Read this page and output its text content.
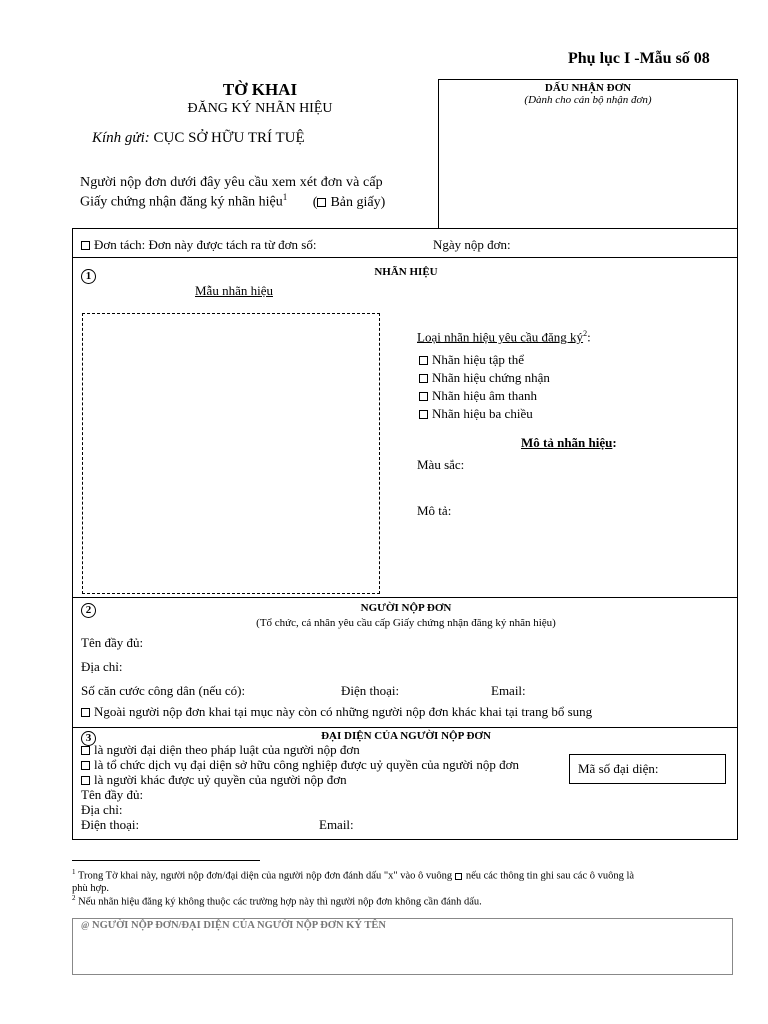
Phụ lục I -Mẫu số 08
TỜ KHAI
ĐĂNG KÝ NHÃN HIỆU
Kính gửi: CỤC SỞ HỮU TRÍ TUỆ
Người nộp đơn dưới đây yêu cầu xem xét đơn và cấp
Giấy chứng nhận đăng ký nhãn hiệu$^1$ ( Bản giấy)
DẤU NHẬN ĐƠN
(Dành cho cán bộ nhận đơn)
Đơn tách: Đơn này được tách ra từ đơn số:	Ngày nộp đơn:
1	NHÃN HIỆU
Mẫu nhãn hiệu
Loại nhãn hiệu yêu cầu đăng $ký^2$:
Nhãn hiệu tập thể
Nhãn hiệu chứng nhận
Nhãn hiệu âm thanh
Nhãn hiệu ba chiều
Mô tả nhãn hiệu:
Màu sắc:
Mô tả:
2	NGƯỜI NỘP ĐƠN
(Tổ chức, cá nhân yêu cầu cấp Giấy chứng nhận đăng ký nhãn hiệu)
Tên đầy đủ:
Địa chỉ:
Số căn cước công dân (nếu có):	Điện thoại:	Email:
Ngoài người nộp đơn khai tại mục này còn có những người nộp đơn khác khai tại trang bổ sung
3	ĐẠI DIỆN CỦA NGƯỜI NỘP ĐƠN
là người đại diện theo pháp luật của người nộp đơn
là tổ chức dịch vụ đại diện sở hữu công nghiệp được uỷ quyền của người nộp đơn
là người khác được uỷ quyền của người nộp đơn
Mã số đại diện:
Tên đầy đủ:
Địa chỉ:
Điện thoại:	Email:
$^1$ Trong Tờ khai này, người nộp đơn/đại diện của người nộp đơn đánh dấu "x" vào ô vuông nếu các thông tin ghi sau các ô vuông là
phù hợp.
$^2$ Nếu nhãn hiệu đăng ký không thuộc các trường hợp này thì người nộp đơn không cần đánh dấu.
@ NGƯỜI NỘP ĐƠN/ĐẠI DIỆN CỦA NGƯỜI NỘP ĐƠN KÝ TÊN
